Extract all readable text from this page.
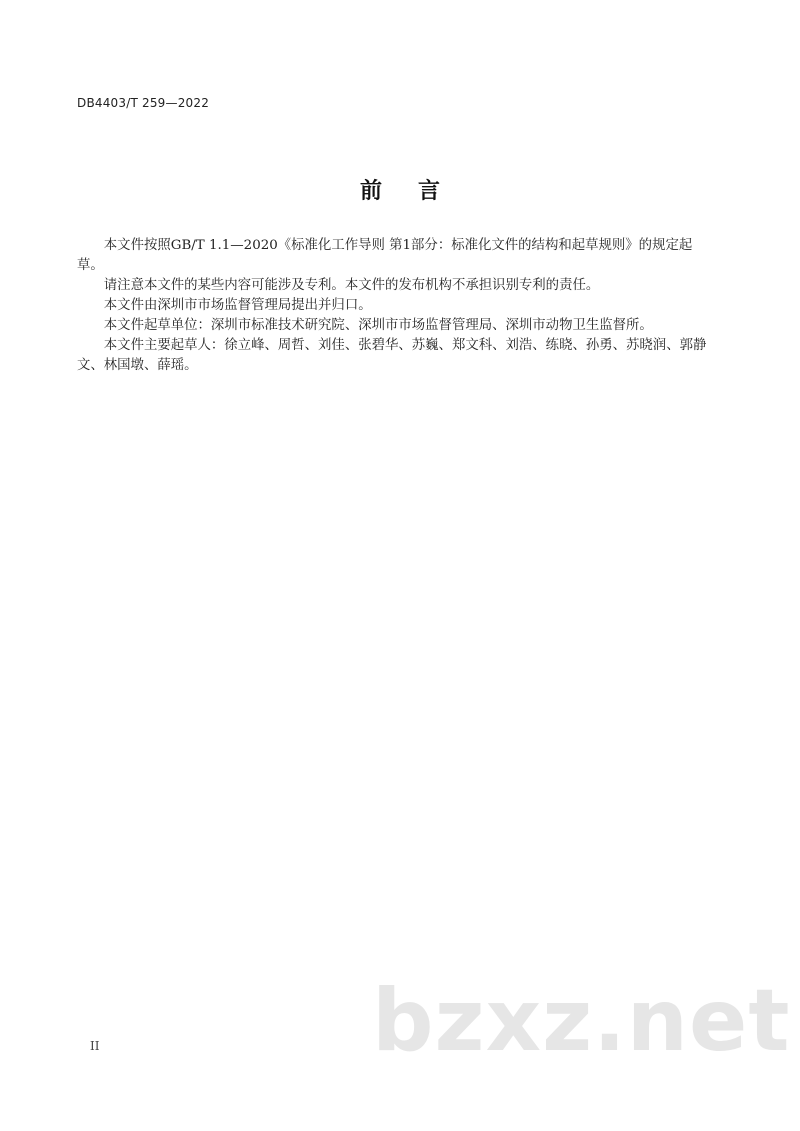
DB4403/T 259—2022
前言

本文件按照GB/T 1.1—2020《标准化工作导则 第1部分：标准化文件的结构和起草规则》的规定起草。

请注意本文件的某些内容可能涉及专利。本文件的发布机构不承担识别专利的责任。

本文件由深圳市市场监督管理局提出并归口。

本文件起草单位：深圳市标准技术研究院、深圳市市场监督管理局、深圳市动物卫生监督所。

本文件主要起草人：徐立峰、周哲、刘佳、张碧华、苏巍、郑文科、刘浩、练晓、孙勇、苏晓润、郭静文、林国墩、薛瑶。

II	bzxz.net
